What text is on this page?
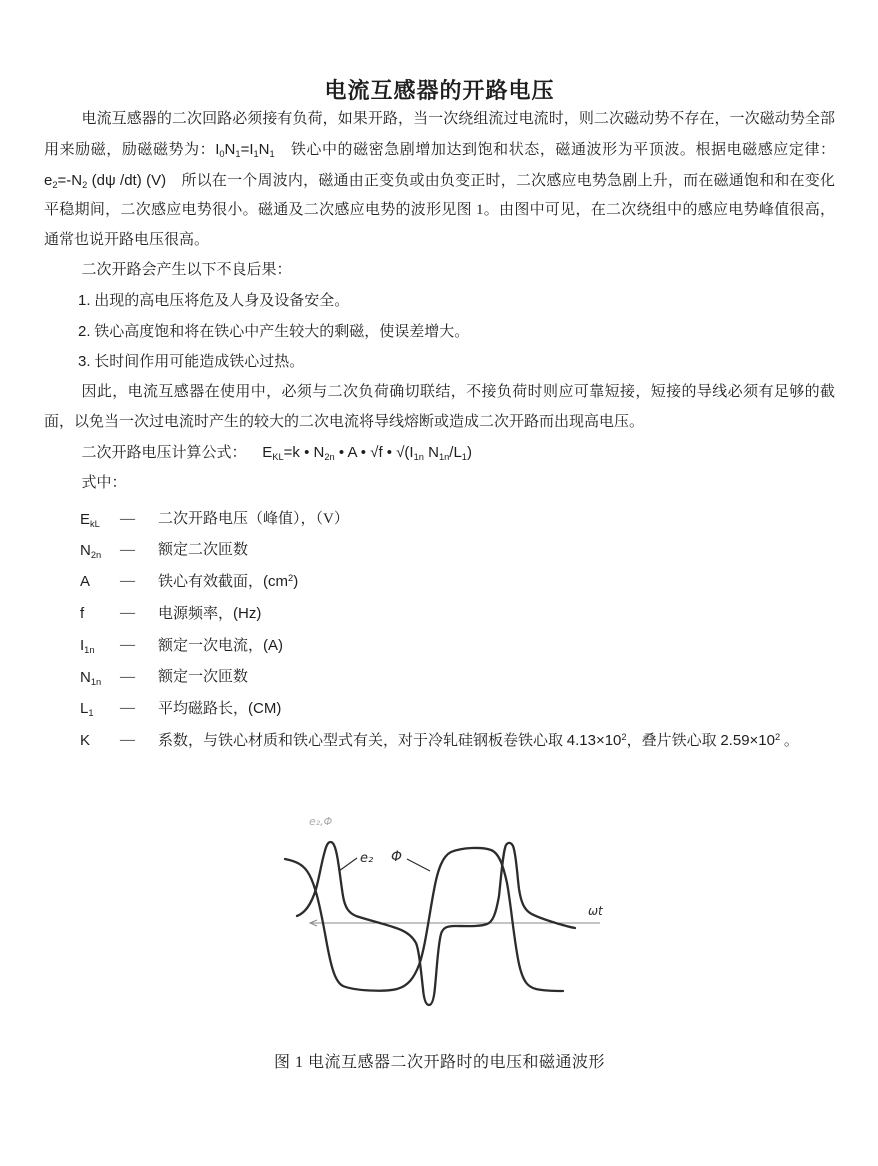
电流互感器的开路电压

电流互感器的二次回路必须接有负荷，如果开路，当一次绕组流过电流时，则二次磁动势不存在，一次磁动势全部用来励磁，励磁磁势为：$I_0N_1=I_1N_1$　铁心中的磁密急剧增加达到饱和状态，磁通波形为平顶波。根据电磁感应定律：$e_2=-N_2$ (dψ /dt) (V)　所以在一个周波内，磁通由正变负或由负变正时，二次感应电势急剧上升，而在磁通饱和和在变化平稳期间，二次感应电势很小。磁通及二次感应电势的波形见图 1。由图中可见，在二次绕组中的感应电势峰值很高，通常也说开路电压很高。

二次开路会产生以下不良后果：

1. 出现的高电压将危及人身及设备安全。

2. 铁心高度饱和将在铁心中产生较大的剩磁，使误差增大。

3. 长时间作用可能造成铁心过热。

因此，电流互感器在使用中，必须与二次负荷确切联结，不接负荷时则应可靠短接，短接的导线必须有足够的截面，以免当一次过电流时产生的较大的二次电流将导线熔断或造成二次开路而出现高电压。

二次开路电压计算公式： $E_{KL}=k$ • $N_{2n}$ • A • √f • $√(I_{1n}$ $N_{1n}/L_1$)

式中：

$E_{kL}$	—	二次开路电压（峰值），（V）
$N_{2n}$	—	额定二次匝数
A	—	铁心有效截面，$(cm^2)$
f	—	电源频率，(Hz)
$I_{1n}$	—	额定一次电流，(A)
$N_{1n}$	—	额定一次匝数
$L_1$	—	平均磁路长，(CM)
K	—	系数，与铁心材质和铁心型式有关，对于冷轧硅钢板卷铁心取 $4.13\times 10^2$，叠片铁心取 $2.59\times 10^2$ 。
e₂,Φ
ωt
e₂ Φ

图 1 电流互感器二次开路时的电压和磁通波形
